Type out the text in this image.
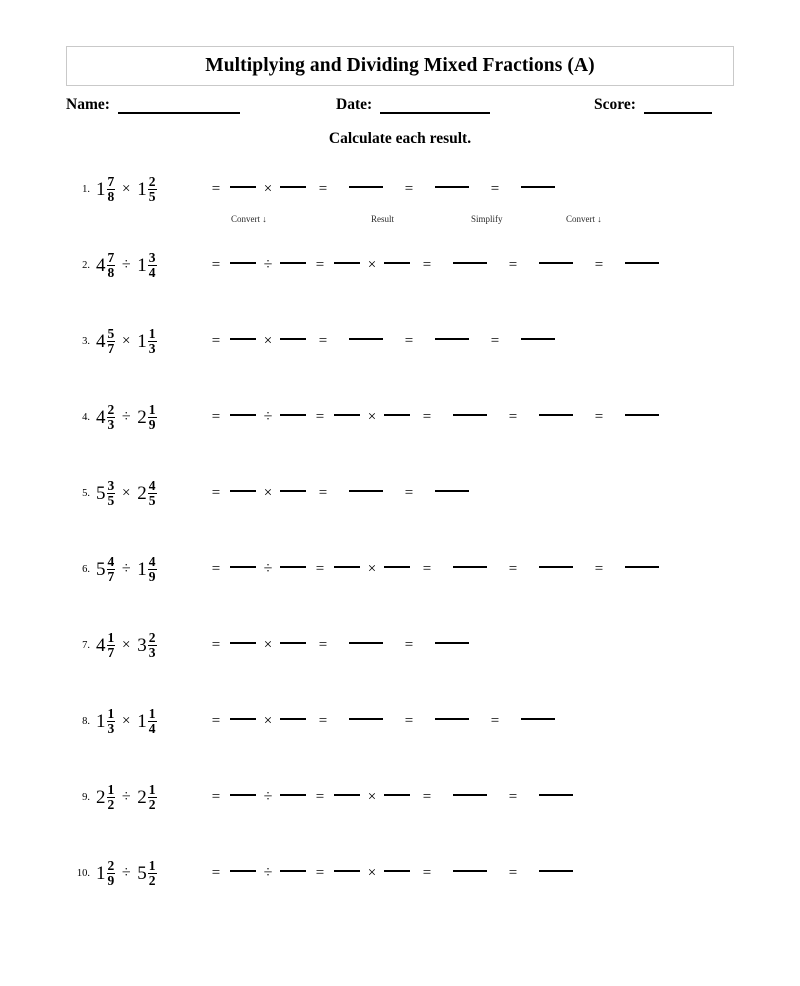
Multiplying and Dividing Mixed Fractions (A)
Name:	Date:	Score:
Calculate each result.
1. $1 \frac{7}{8} \times 1 \frac{2}{5}$	=	×	=	=	=
Convert ↓	Result	Simplify	Convert ↓
2. $4 \frac{7}{8} \div 1 \frac{3}{4}$	=	÷	=	×	=	=	=
3. $4 \frac{5}{7} \times 1 \frac{1}{3}$	=	×	=	=	=
4. $4 \frac{2}{3} \div 2 \frac{1}{9}$	=	÷	=	×	=	=	=
5. $5 \frac{3}{5} \times 2 \frac{4}{5}$	=	×	=	=
6. $5 \frac{4}{7} \div 1 \frac{4}{9}$	=	÷	=	×	=	=	=
7. $4 \frac{1}{7} \times 3 \frac{2}{3}$	=	×	=	=
8. $1 \frac{1}{3} \times 1 \frac{1}{4}$	=	×	=	=	=
9. $2 \frac{1}{2} \div 2 \frac{1}{2}$	=	÷	=	×	=	=
10. $1 \frac{2}{9} \div 5 \frac{1}{2}$	=	÷	=	×	=	=
